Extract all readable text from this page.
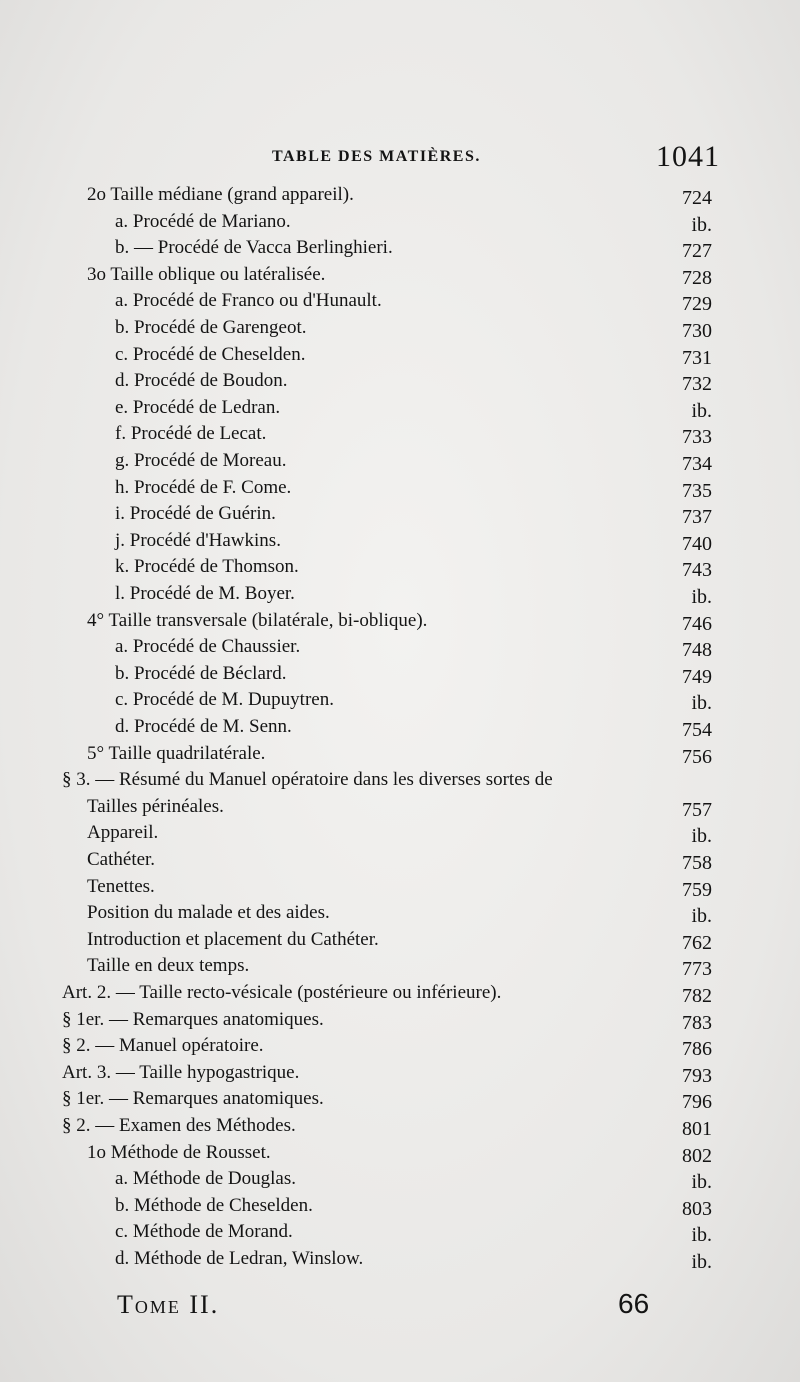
TABLE DES MATIÈRES.	1041
2o Taille médiane (grand appareil).	724
a. Procédé de Mariano.	ib.
b. — Procédé de Vacca Berlinghieri.	727
3o Taille oblique ou latéralisée.	728
a. Procédé de Franco ou d'Hunault.	729
b. Procédé de Garengeot.	730
c. Procédé de Cheselden.	731
d. Procédé de Boudon.	732
e. Procédé de Ledran.	ib.
f. Procédé de Lecat.	733
g. Procédé de Moreau.	734
h. Procédé de F. Come.	735
i. Procédé de Guérin.	737
j. Procédé d'Hawkins.	740
k. Procédé de Thomson.	743
l. Procédé de M. Boyer.	ib.
4° Taille transversale (bilatérale, bi-oblique).	746
a. Procédé de Chaussier.	748
b. Procédé de Béclard.	749
c. Procédé de M. Dupuytren.	ib.
d. Procédé de M. Senn.	754
5° Taille quadrilatérale.	756
§ 3. — Résumé du Manuel opératoire dans les diverses sortes de
Tailles périnéales.	757
Appareil.	ib.
Cathéter.	758
Tenettes.	759
Position du malade et des aides.	ib.
Introduction et placement du Cathéter.	762
Taille en deux temps.	773
Art. 2. — Taille recto-vésicale (postérieure ou inférieure).	782
§ 1er. — Remarques anatomiques.	783
§ 2. — Manuel opératoire.	786
Art. 3. — Taille hypogastrique.	793
§ 1er. — Remarques anatomiques.	796
§ 2. — Examen des Méthodes.	801
1o Méthode de Rousset.	802
a. Méthode de Douglas.	ib.
b. Méthode de Cheselden.	803
c. Méthode de Morand.	ib.
d. Méthode de Ledran, Winslow.	ib.
Tome II.	66
